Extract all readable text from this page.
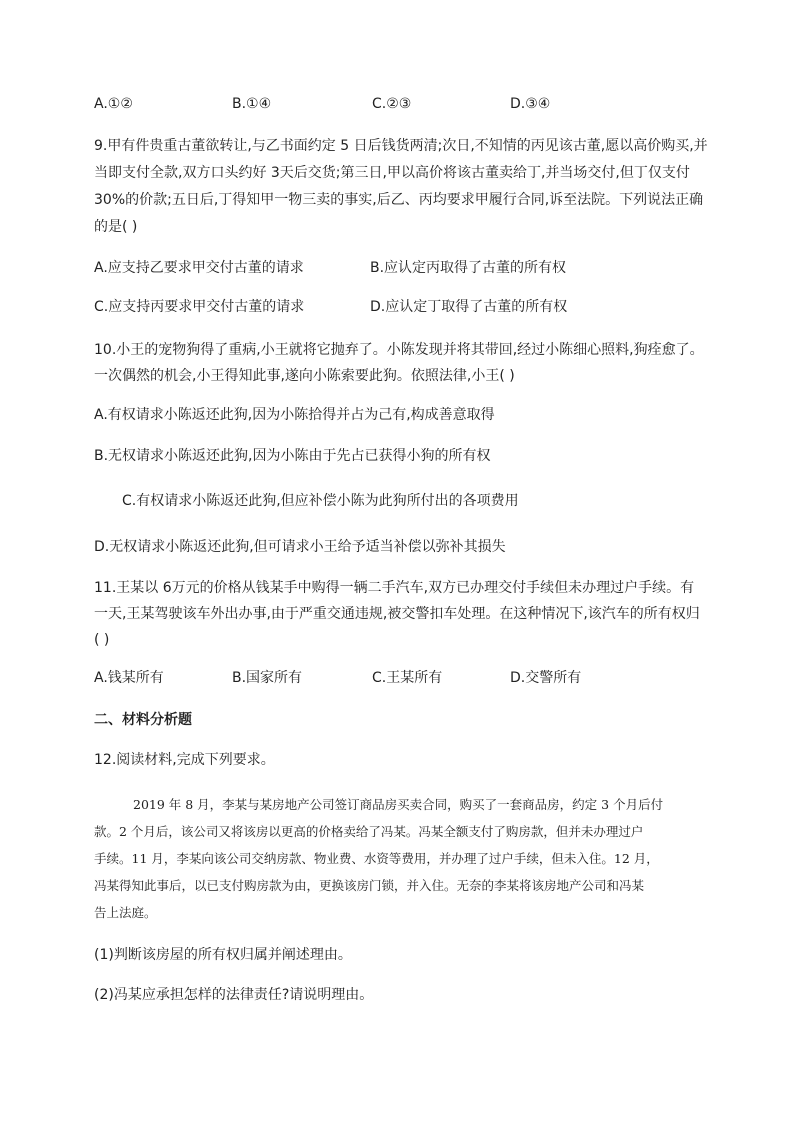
A.①②	B.①④	C.②③	D.③④
9.甲有件贵重古董欲转让,与乙书面约定 5 日后钱货两清;次日,不知情的丙见该古董,愿以高价购买,并
当即支付全款,双方口头约好 3天后交货;第三日,甲以高价将该古董卖给丁,并当场交付,但丁仅支付
30%的价款;五日后,丁得知甲一物三卖的事实,后乙、丙均要求甲履行合同,诉至法院。下列说法正确
的是( )
A.应支持乙要求甲交付古董的请求	B.应认定丙取得了古董的所有权
C.应支持丙要求甲交付古董的请求	D.应认定丁取得了古董的所有权
10.小王的宠物狗得了重病,小王就将它抛弃了。小陈发现并将其带回,经过小陈细心照料,狗痊愈了。
一次偶然的机会,小王得知此事,遂向小陈索要此狗。依照法律,小王( )
A.有权请求小陈返还此狗,因为小陈拾得并占为己有,构成善意取得
B.无权请求小陈返还此狗,因为小陈由于先占已获得小狗的所有权
C.有权请求小陈返还此狗,但应补偿小陈为此狗所付出的各项费用
D.无权请求小陈返还此狗,但可请求小王给予适当补偿以弥补其损失
11.王某以 6万元的价格从钱某手中购得一辆二手汽车,双方已办理交付手续但未办理过户手续。有
一天,王某驾驶该车外出办事,由于严重交通违规,被交警扣车处理。在这种情况下,该汽车的所有权归
( )
A.钱某所有	B.国家所有	C.王某所有	D.交警所有
二、材料分析题
12.阅读材料,完成下列要求。
2019 年 8 月，李某与某房地产公司签订商品房买卖合同，购买了一套商品房，约定 3 个月后付
款。2 个月后，该公司又将该房以更高的价格卖给了冯某。冯某全额支付了购房款，但并未办理过户
手续。11 月，李某向该公司交纳房款、物业费、水资等费用，并办理了过户手续，但未入住。12 月，
冯某得知此事后，以已支付购房款为由，更换该房门锁，并入住。无奈的李某将该房地产公司和冯某
告上法庭。
(1)判断该房屋的所有权归属并阐述理由。
(2)冯某应承担怎样的法律责任?请说明理由。
